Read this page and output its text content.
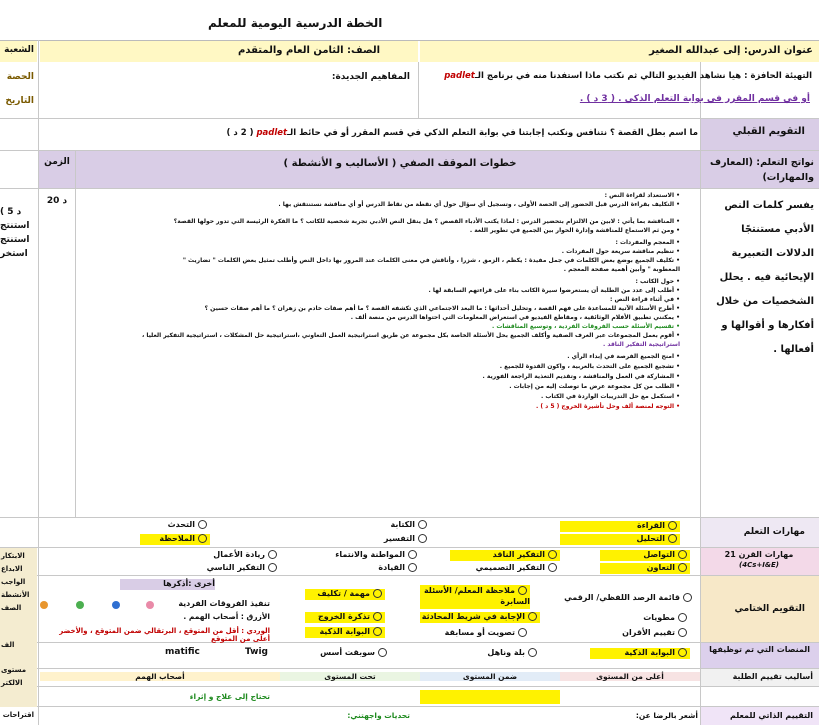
الخطة الدرسية اليومية للمعلم
عنوان الدرس: إلى عبدالله الصغير
الصف: الثامن العام والمتقدم
الشعبة
الحصة
التاريخ
المفاهيم الجديدة:	التهيئة الحافزة : هيا نشاهد الفيديو التالي ثم نكتب ماذا استفدنا منه في برنامج الـpadlet
أو في قسم المقرر في بوابة التعلم الذكي . ( 3 د ) .
التقويم القبلي
ما اسم بطل القصة ؟ نتنافس ونكتب إجابتنا في بوابة التعلم الذكي في قسم المقرر أو في حائط الـpadlet ( 2 د )
نواتج التعلم: (المعارف والمهارات)
خطوات الموقف الصفي ( الأساليب و الأنشطة )
الزمن
20 د	يفسر كلمات النص الأدبي مستنتجًا الدلالات التعبيرية الإيحائية فيه . يحلل الشخصيات من خلال أفكارها و أقوالها و أفعالها .
( 5 د
استنتج
استنتج
استخر
• الاستعداد لقراءة النص :
• التكليف بقراءة الدرس قبل الحضور إلى الحصة الأولى ، وتسجيل أي سؤال حول أي نقطة من نقاط الدرس أو أي مناقشة نستنتقش بها .
• المناقشة بما يأتي : لابين من الالتزام بتحضير الدرس : لماذا يكتب الأدباء القصص ؟ هل ينقل النص الأدبي تجربة شخصية للكاتب ؟ ما الفكرة الرئيسة التي تدور حولها القصة؟
• ومن ثم الاستماع للمناقشة وإدارة الحوار بين الجميع في تطوير اللغة .
• المعجم والمفردات :
• تنظيم مناقشة سريعة حول المفردات .
• تكليف الجميع بوضع بعض الكلمات في جمل مفيدة : يكظم ، الزمق ، شزرا ، وأناقش في معنى الكلمات عند المرور بها داخل النص وأطلب تمثيل بعض الكلمات " تضاريث "
المعطوبة " وأبين أهمية صفحة المعجم .
• حول الكاتب :
• أطلب إلى عدد من الطلبة أن يستعرضوا سيرة الكاتب بناء على قراءتهم السابقة لها .
• في أثناء قراءة النص :
• أطرح الأسئلة الآتية للمساعدة على فهم القصة ، وتحليل أحداثها : ما البعد الاجتماعي الذي تكشفه القصة ؟ ما أهم صفات خادم بن زهران ؟ ما أهم صفات حسين ؟
• يمكنني تطبيق الأفلام الوثائقية ، ومقاطع الفيديو في استعراض المعلومات التي احتواها الدرس من منصة ألف .
• تقسيم الأسئلة حسب الفروقات الفردية ، وتوسيع المناقشات .
• أقوم بعمل المجموعات عبر الغرف الصفية وأكلف الجميع بحل الأسئلة الخاصة بكل مجموعة عن طريق استراتيجية العمل التعاوني ،استراتيجية حل المشكلات ، استراتيجية التفكير العليا ،
استراتيجية التفكير الناقد .
• امنح الجميع الفرصة في إبداء الرأي .
• تشجيع الجميع على التحدث بالعربية ، واكون القدوة للجميع .
• المشاركة في العمل والمناقشة ، وتقديم التغذية الراجعة الفورية .
• الطلب من كل مجموعة عرض ما توصلت إليه من إجابات .
• استكمل مع حل التدريبات الواردة في الكتاب .
• التوجه لمنصة ألف وحل تأشيرة الخروج ( 5 د ) .
مهارات التعلم
القراءة
الكتابة
التحدث
التحليل
التفسير
الملاحظة
مهارات القرن 21
(4Cs+I&E)
التواصل
التفكير الناقد
المواطنة والانتماء
ريادة الأعمال
التعاون
التفكير التصميمي
القيادة
التفكير الناسي
التقويم الختامي
قائمة الرصد اللفظي/ الرقمي
ملاحظة المعلم/ الأسئلة السابرة
مهمة / تكليف
أخرى :أذكرها
مطويات
الإجابة في شريط المحادثة
تذكرة الخروج
تقييم الأقران
تصويت أو مسابقة
البوابة الذكية
تنفيذ الفروقات الفردية
الأزرق : أصحاب الهمم .
الوردي : أقل من المتوقع ، البرتقالي ضمن المتوقع ، والأخضر أعلى من المتوقع
المنصات التي تم توظيفها
البوابة الذكية
بلة وناهل
سوبقت أسس
Twig
matific
أساليب تقييم الطلبة
أعلى من المستوى
ضمن المستوى
تحت المستوى
أصحاب الهمم
تحتاج إلى علاج و إثراء
التقييم الذاتي للمعلم
أشعر بالرضا عن:
تحديات واجهتني:
اقتراحات
الابتكار
الابداع
الواجب
الأنشطة
الصف
الف
مستوى
الالكتر
